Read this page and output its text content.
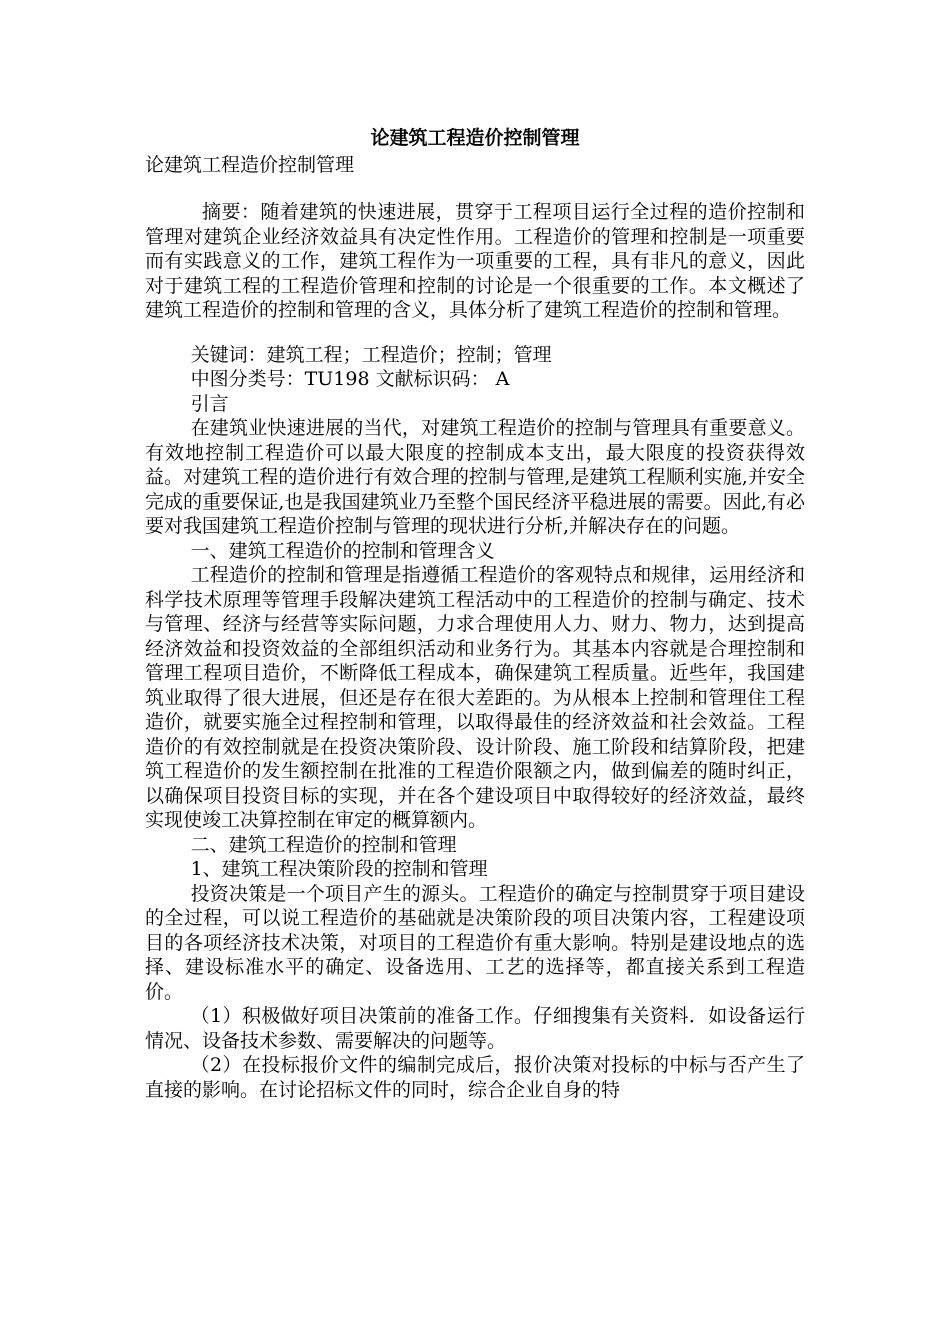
论建筑工程造价控制管理

论建筑工程造价控制管理

摘要：随着建筑的快速进展，贯穿于工程项目运行全过程的造价控制和管理对建筑企业经济效益具有决定性作用。工程造价的管理和控制是一项重要而有实践意义的工作，建筑工程作为一项重要的工程，具有非凡的意义，因此对于建筑工程的工程造价管理和控制的讨论是一个很重要的工作。本文概述了建筑工程造价的控制和管理的含义，具体分析了建筑工程造价的控制和管理。

关键词：建筑工程；工程造价；控制；管理

中图分类号：TU198 文献标识码： A

引言

在建筑业快速进展的当代，对建筑工程造价的控制与管理具有重要意义。有效地控制工程造价可以最大限度的控制成本支出，最大限度的投资获得效益。对建筑工程的造价进行有效合理的控制与管理,是建筑工程顺利实施,并安全完成的重要保证,也是我国建筑业乃至整个国民经济平稳进展的需要。因此,有必要对我国建筑工程造价控制与管理的现状进行分析,并解决存在的问题。

一、建筑工程造价的控制和管理含义

工程造价的控制和管理是指遵循工程造价的客观特点和规律，运用经济和科学技术原理等管理手段解决建筑工程活动中的工程造价的控制与确定、技术与管理、经济与经营等实际问题，力求合理使用人力、财力、物力，达到提高经济效益和投资效益的全部组织活动和业务行为。其基本内容就是合理控制和管理工程项目造价，不断降低工程成本，确保建筑工程质量。近些年，我国建筑业取得了很大进展，但还是存在很大差距的。为从根本上控制和管理住工程造价，就要实施全过程控制和管理，以取得最佳的经济效益和社会效益。工程造价的有效控制就是在投资决策阶段、设计阶段、施工阶段和结算阶段，把建筑工程造价的发生额控制在批准的工程造价限额之内，做到偏差的随时纠正，以确保项目投资目标的实现，并在各个建设项目中取得较好的经济效益，最终实现使竣工决算控制在审定的概算额内。

二、建筑工程造价的控制和管理

1、建筑工程决策阶段的控制和管理

投资决策是一个项目产生的源头。工程造价的确定与控制贯穿于项目建设的全过程，可以说工程造价的基础就是决策阶段的项目决策内容，工程建设项目的各项经济技术决策，对项目的工程造价有重大影响。特别是建设地点的选择、建设标准水平的确定、设备选用、工艺的选择等，都直接关系到工程造价。

（1）积极做好项目决策前的准备工作。仔细搜集有关资料．如设备运行情况、设备技术参数、需要解决的问题等。

（2）在投标报价文件的编制完成后，报价决策对投标的中标与否产生了直接的影响。在讨论招标文件的同时，综合企业自身的特
